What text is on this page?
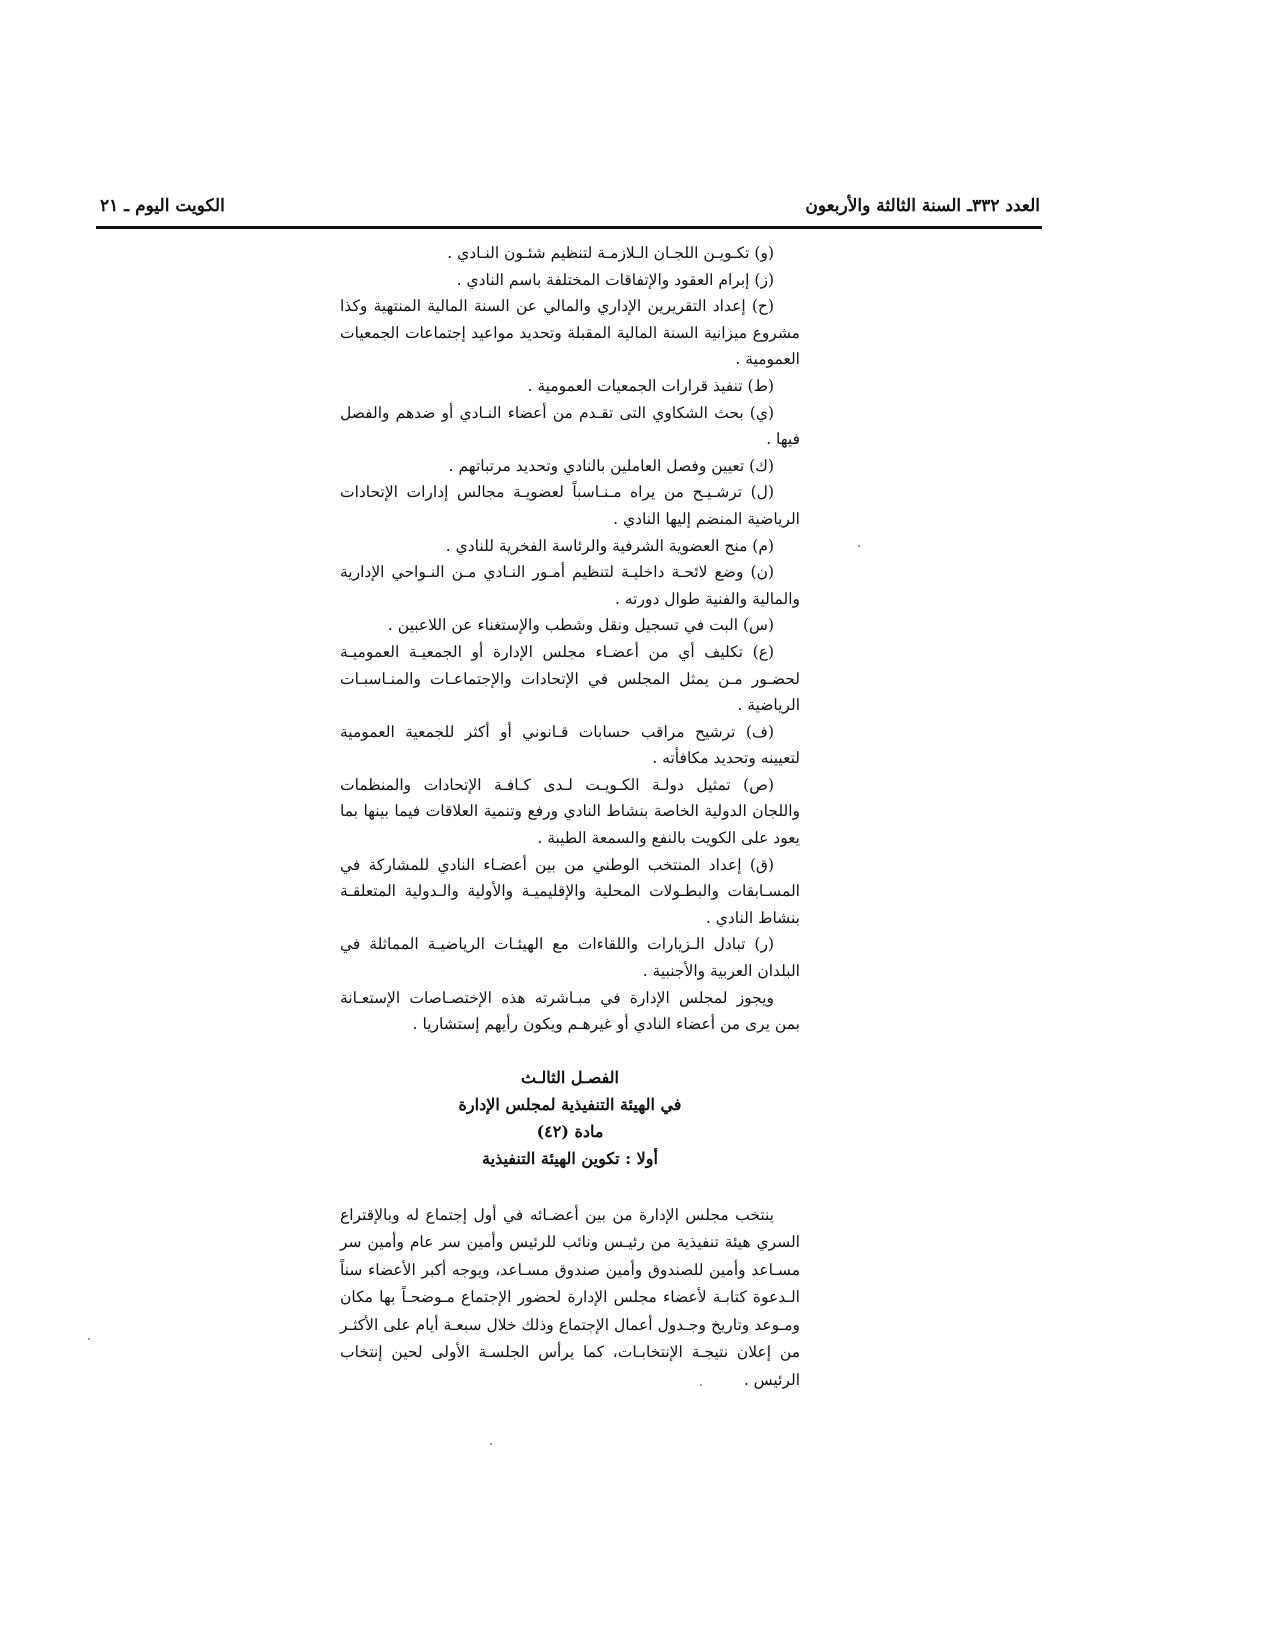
الكويت اليوم ـ ٢١	العدد ٣٣٢ـ السنة الثالثة والأربعون

(و) تكـويـن اللجـان الـلازمـة لتنظيم شئـون النـادي .

(ز) إبرام العقود والإتفاقات المختلفة باسم النادي .

(ح) إعداد التقريرين الإداري والمالي عن السنة المالية المنتهية وكذا مشروع ميزانية السنة المالية المقبلة وتحديد مواعيد إجتماعات الجمعيات العمومية .

(ط) تنفيذ قرارات الجمعيات العمومية .

(ي) بحث الشكاوي التى تقـدم من أعضاء النـادي أو ضدهم والفصل فيها .

(ك) تعيين وفصل العاملين بالنادي وتحديد مرتباتهم .

(ل) ترشـيـح من يراه مـنـاسباً لعضويـة مجالس إدارات الإتحادات الرياضية المنضم إليها النادي .

(م) منح العضوية الشرفية والرئاسة الفخرية للنادي .

(ن) وضع لائحـة داخليـة لتنظيم أمـور النـادي مـن النـواحي الإدارية والمالية والفنية طوال دورته .

(س) البت في تسجيل ونقل وشطب والإستغناء عن اللاعبين .

(ع) تكليف أي من أعضـاء مجلس الإدارة أو الجمعيـة العموميـة لحضـور مـن يمثل المجلس في الإتحادات والإجتماعـات والمنـاسبـات الرياضية .

(ف) ترشيح مراقب حسابات قـانوني أو أكثر للجمعية العمومية لتعيينه وتحديد مكافأته .

(ص) تمثيل دولـة الكـويـت لـدى كـافـة الإتحادات والمنظمات واللجان الدولية الخاصة بنشاط النادي ورفع وتنمية العلاقات فيما بينها بما يعود على الكويت بالنفع والسمعة الطيبة .

(ق) إعداد المنتخب الوطني من بين أعضـاء النادي للمشاركة في المسـابقات والبطـولات المحلية والإقليميـة والأولية والـدولية المتعلقـة بنشاط النادي .

(ر) تبادل الـزيارات واللقاءات مع الهيئـات الرياضيـة المماثلة في البلدان العربية والأجنبية .

ويجوز لمجلس الإدارة في مبـاشرته هذه الإختصـاصات الإستعـانة بمن يرى من أعضاء النادي أو غيرهـم ويكون رأيهم إستشاريا .

الفصـل الثالـث

في الهيئة التنفيذية لمجلس الإدارة

مادة (٤٢)

أولا : تكوين الهيئة التنفيذية

ينتخب مجلس الإدارة من بين أعضـائه في أول إجتماع له وبالإقتراع السري هيئة تنفيذية من رئيـس ونائب للرئيس وأمين سر عام وأمين سر مسـاعد وأمين للصندوق وأمين صندوق مسـاعد، ويوجه أكبر الأعضاء سناً الـدعوة كتابـة لأعضاء مجلس الإدارة لحضور الإجتماع مـوضحـاً بها مكان ومـوعد وتاريخ وجـدول أعمال الإجتماع وذلك خلال سبعـة أيام على الأكثـر من إعلان نتيجـة الإنتخابـات، كما يرأس الجلسـة الأولى لحين إنتخاب الرئيس .
